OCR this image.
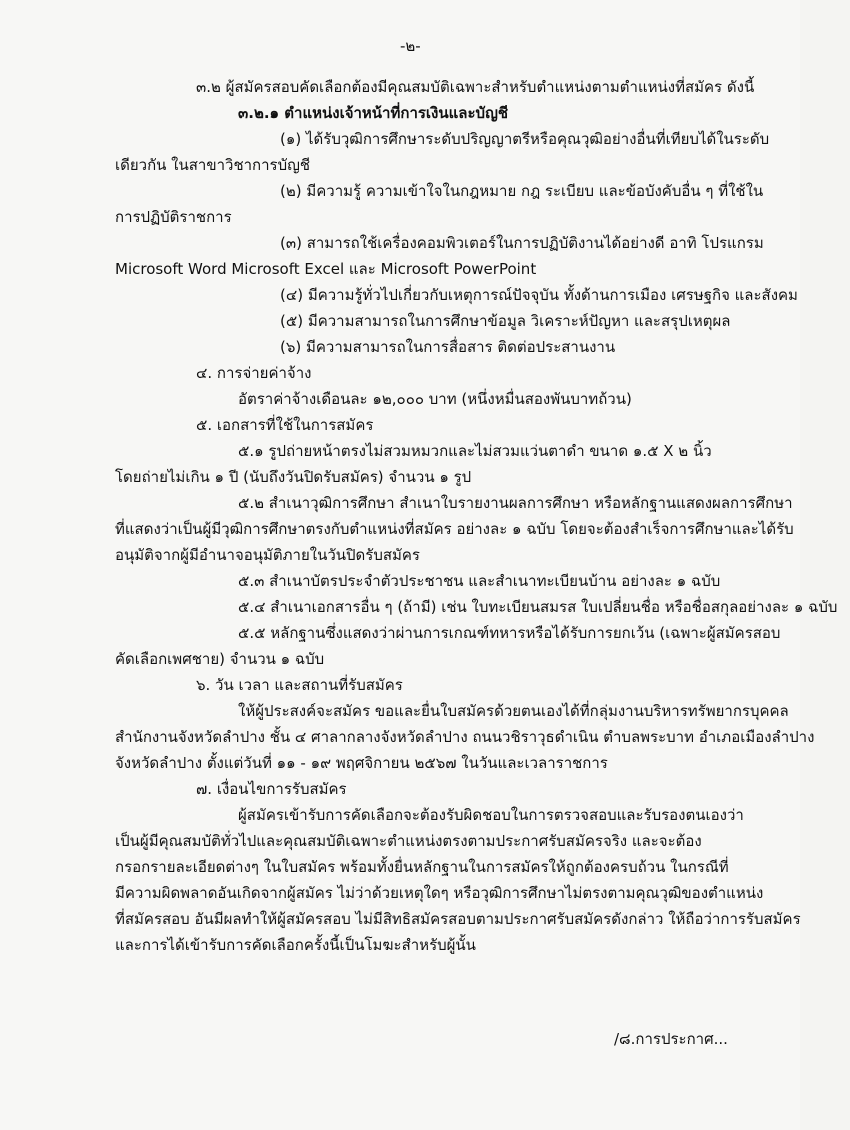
-๒-
๓.๒ ผู้สมัครสอบคัดเลือกต้องมีคุณสมบัติเฉพาะสำหรับตำแหน่งตามตำแหน่งที่สมัคร ดังนี้
๓.๒.๑ ตำแหน่งเจ้าหน้าที่การเงินและบัญชี
(๑) ได้รับวุฒิการศึกษาระดับปริญญาตรีหรือคุณวุฒิอย่างอื่นที่เทียบได้ในระดับ
เดียวกัน ในสาขาวิชาการบัญชี
(๒) มีความรู้ ความเข้าใจในกฎหมาย กฎ ระเบียบ และข้อบังคับอื่น ๆ ที่ใช้ใน
การปฏิบัติราชการ
(๓) สามารถใช้เครื่องคอมพิวเตอร์ในการปฏิบัติงานได้อย่างดี อาทิ โปรแกรม
Microsoft Word Microsoft Excel และ Microsoft PowerPoint
(๔) มีความรู้ทั่วไปเกี่ยวกับเหตุการณ์ปัจจุบัน ทั้งด้านการเมือง เศรษฐกิจ และสังคม
(๕) มีความสามารถในการศึกษาข้อมูล วิเคราะห์ปัญหา และสรุปเหตุผล
(๖) มีความสามารถในการสื่อสาร ติดต่อประสานงาน
๔. การจ่ายค่าจ้าง
อัตราค่าจ้างเดือนละ ๑๒,๐๐๐ บาท (หนึ่งหมื่นสองพันบาทถ้วน)
๕. เอกสารที่ใช้ในการสมัคร
๕.๑ รูปถ่ายหน้าตรงไม่สวมหมวกและไม่สวมแว่นตาดำ ขนาด ๑.๕ X ๒ นิ้ว
โดยถ่ายไม่เกิน ๑ ปี (นับถึงวันปิดรับสมัคร) จำนวน ๑ รูป
๕.๒ สำเนาวุฒิการศึกษา สำเนาใบรายงานผลการศึกษา หรือหลักฐานแสดงผลการศึกษา
ที่แสดงว่าเป็นผู้มีวุฒิการศึกษาตรงกับตำแหน่งที่สมัคร อย่างละ ๑ ฉบับ โดยจะต้องสำเร็จการศึกษาและได้รับ
อนุมัติจากผู้มีอำนาจอนุมัติภายในวันปิดรับสมัคร
๕.๓ สำเนาบัตรประจำตัวประชาชน และสำเนาทะเบียนบ้าน อย่างละ ๑ ฉบับ
๕.๔ สำเนาเอกสารอื่น ๆ (ถ้ามี) เช่น ใบทะเบียนสมรส ใบเปลี่ยนชื่อ หรือชื่อสกุลอย่างละ ๑ ฉบับ
๕.๕ หลักฐานซึ่งแสดงว่าผ่านการเกณฑ์ทหารหรือได้รับการยกเว้น (เฉพาะผู้สมัครสอบ
คัดเลือกเพศชาย) จำนวน ๑ ฉบับ
๖. วัน เวลา และสถานที่รับสมัคร
ให้ผู้ประสงค์จะสมัคร ขอและยื่นใบสมัครด้วยตนเองได้ที่กลุ่มงานบริหารทรัพยากรบุคคล
สำนักงานจังหวัดลำปาง ชั้น ๔ ศาลากลางจังหวัดลำปาง ถนนวชิราวุธดำเนิน ตำบลพระบาท อำเภอเมืองลำปาง
จังหวัดลำปาง ตั้งแต่วันที่ ๑๑ - ๑๙ พฤศจิกายน ๒๕๖๗ ในวันและเวลาราชการ
๗. เงื่อนไขการรับสมัคร
ผู้สมัครเข้ารับการคัดเลือกจะต้องรับผิดชอบในการตรวจสอบและรับรองตนเองว่า
เป็นผู้มีคุณสมบัติทั่วไปและคุณสมบัติเฉพาะตำแหน่งตรงตามประกาศรับสมัครจริง และจะต้อง
กรอกรายละเอียดต่างๆ ในใบสมัคร พร้อมทั้งยื่นหลักฐานในการสมัครให้ถูกต้องครบถ้วน ในกรณีที่
มีความผิดพลาดอันเกิดจากผู้สมัคร ไม่ว่าด้วยเหตุใดๆ หรือวุฒิการศึกษาไม่ตรงตามคุณวุฒิของตำแหน่ง
ที่สมัครสอบ อันมีผลทำให้ผู้สมัครสอบ ไม่มีสิทธิสมัครสอบตามประกาศรับสมัครดังกล่าว ให้ถือว่าการรับสมัคร
และการได้เข้ารับการคัดเลือกครั้งนี้เป็นโมฆะสำหรับผู้นั้น
/๘.การประกาศ...
